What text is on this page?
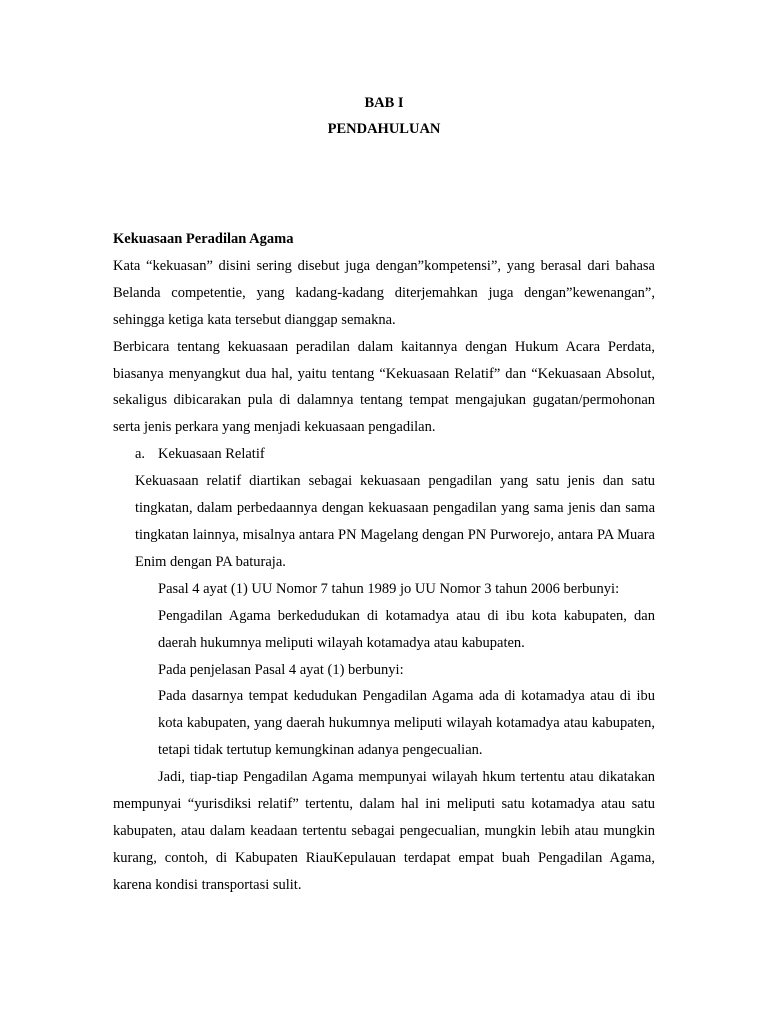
BAB I
PENDAHULUAN

Kekuasaan Peradilan Agama

Kata “kekuasan” disini sering disebut juga dengan”kompetensi”, yang berasal dari bahasa Belanda competentie, yang kadang-kadang diterjemahkan juga dengan”kewenangan”, sehingga ketiga kata tersebut dianggap semakna.

Berbicara tentang kekuasaan peradilan dalam kaitannya dengan Hukum Acara Perdata, biasanya menyangkut dua hal, yaitu tentang “Kekuasaan Relatif” dan “Kekuasaan Absolut, sekaligus dibicarakan pula di dalamnya tentang tempat mengajukan gugatan/permohonan serta jenis perkara yang menjadi kekuasaan pengadilan.

a. Kekuasaan Relatif

Kekuasaan relatif diartikan sebagai kekuasaan pengadilan yang satu jenis dan satu tingkatan, dalam perbedaannya dengan kekuasaan pengadilan yang sama jenis dan sama tingkatan lainnya, misalnya antara PN Magelang dengan PN Purworejo, antara PA Muara Enim dengan PA baturaja.

Pasal 4 ayat (1) UU Nomor 7 tahun 1989 jo UU Nomor 3 tahun 2006 berbunyi:

Pengadilan Agama berkedudukan di kotamadya atau di ibu kota kabupaten, dan daerah hukumnya meliputi wilayah kotamadya atau kabupaten.

Pada penjelasan Pasal 4 ayat (1) berbunyi:

Pada dasarnya tempat kedudukan Pengadilan Agama ada di kotamadya atau di ibu kota kabupaten, yang daerah hukumnya meliputi wilayah kotamadya atau kabupaten, tetapi tidak tertutup kemungkinan adanya pengecualian.

Jadi, tiap-tiap Pengadilan Agama mempunyai wilayah hkum tertentu atau dikatakan mempunyai “yurisdiksi relatif” tertentu, dalam hal ini meliputi satu kotamadya atau satu kabupaten, atau dalam keadaan tertentu sebagai pengecualian, mungkin lebih atau mungkin kurang, contoh, di Kabupaten RiauKepulauan terdapat empat buah Pengadilan Agama, karena kondisi transportasi sulit.
